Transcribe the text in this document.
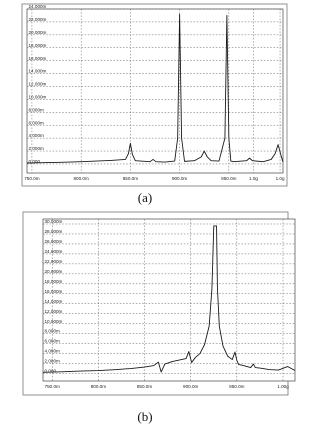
24.000m
22.000m
20.000m
18.000m
16.000m
14.000m
12.000m
10.000m
8.000m
6.000m
4.000m
2.000m
0.000
750.0m	800.0m	850.0m	900.0m	950.0m	1.0g	1.0g
(a)
30.000m
28.000m
26.000m
24.000m
22.000m
20.000m
18.000m
16.000m
14.000m
12.000m
10.000m
8.000m
6.000m
4.000m
2.000m
0.000
750.0m	800.0m	850.0m	900.0m	950.0m	1.00g
(b)
